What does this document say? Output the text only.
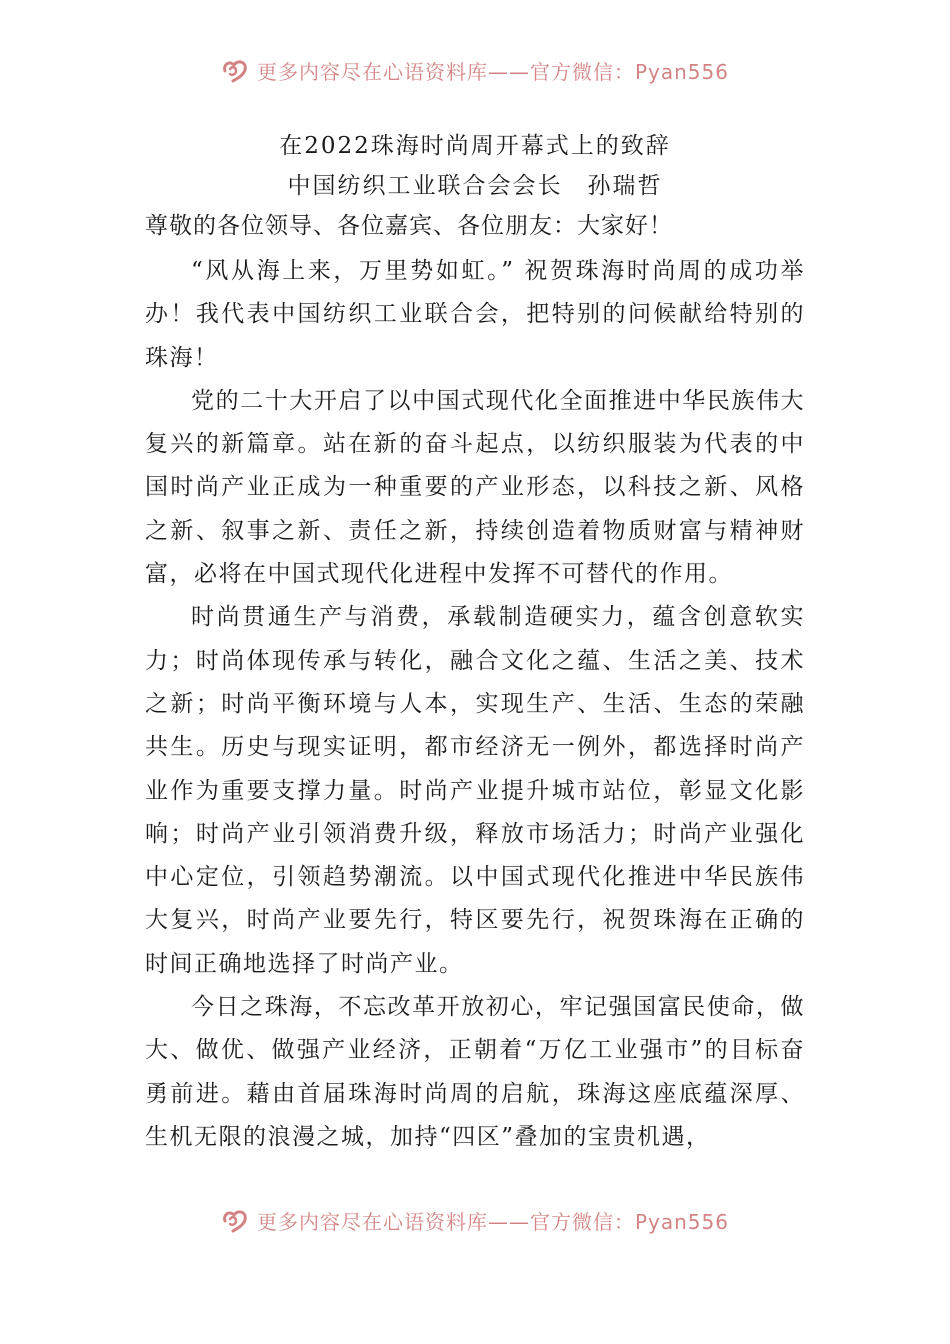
更多内容尽在心语资料库——官方微信：Pyan556

在2022珠海时尚周开幕式上的致辞

中国纺织工业联合会会长　孙瑞哲

尊敬的各位领导、各位嘉宾、各位朋友：大家好！

“风从海上来，万里势如虹。” 祝贺珠海时尚周的成功举办！我代表中国纺织工业联合会，把特别的问候献给特别的珠海！

党的二十大开启了以中国式现代化全面推进中华民族伟大复兴的新篇章。站在新的奋斗起点，以纺织服装为代表的中国时尚产业正成为一种重要的产业形态，以科技之新、风格之新、叙事之新、责任之新，持续创造着物质财富与精神财富，必将在中国式现代化进程中发挥不可替代的作用。

时尚贯通生产与消费，承载制造硬实力，蕴含创意软实力；时尚体现传承与转化，融合文化之蕴、生活之美、技术之新；时尚平衡环境与人本，实现生产、生活、生态的荣融共生。历史与现实证明，都市经济无一例外，都选择时尚产业作为重要支撑力量。时尚产业提升城市站位，彰显文化影响；时尚产业引领消费升级，释放市场活力；时尚产业强化中心定位，引领趋势潮流。以中国式现代化推进中华民族伟大复兴，时尚产业要先行，特区要先行，祝贺珠海在正确的时间正确地选择了时尚产业。

今日之珠海，不忘改革开放初心，牢记强国富民使命，做大、做优、做强产业经济，正朝着“万亿工业强市”的目标奋勇前进。藉由首届珠海时尚周的启航，珠海这座底蕴深厚、生机无限的浪漫之城，加持“四区”叠加的宝贵机遇，

更多内容尽在心语资料库——官方微信：Pyan556
